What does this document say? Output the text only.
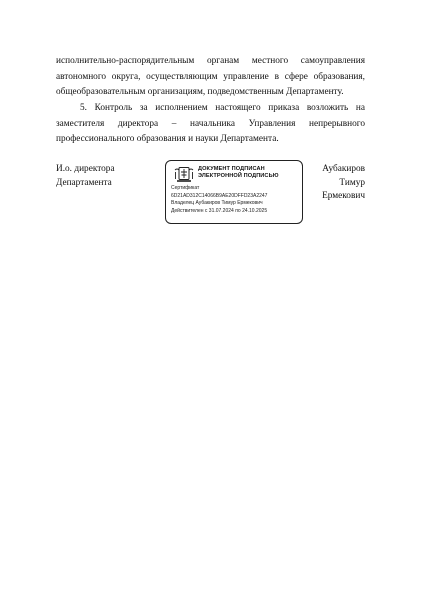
исполнительно-распорядительным органам местного самоуправления автономного округа, осуществляющим управление в сфере образования, общеобразовательным организациям, подведомственным Департаменту.

5. Контроль за исполнением настоящего приказа возложить на заместителя директора – начальника Управления непрерывного профессионального образования и науки Департамента.

И.о. директора
Департамента
ДОКУМЕНТ ПОДПИСАН
ЭЛЕКТРОННОЙ ПОДПИСЬЮ
Сертификат
6D21AD312C14066B9AE20DFFD23A2247
Владелец Аубакиров Тимур Ермекович
Действителен с 31.07.2024 по 24.10.2025
Аубакиров
Тимур
Ермекович
